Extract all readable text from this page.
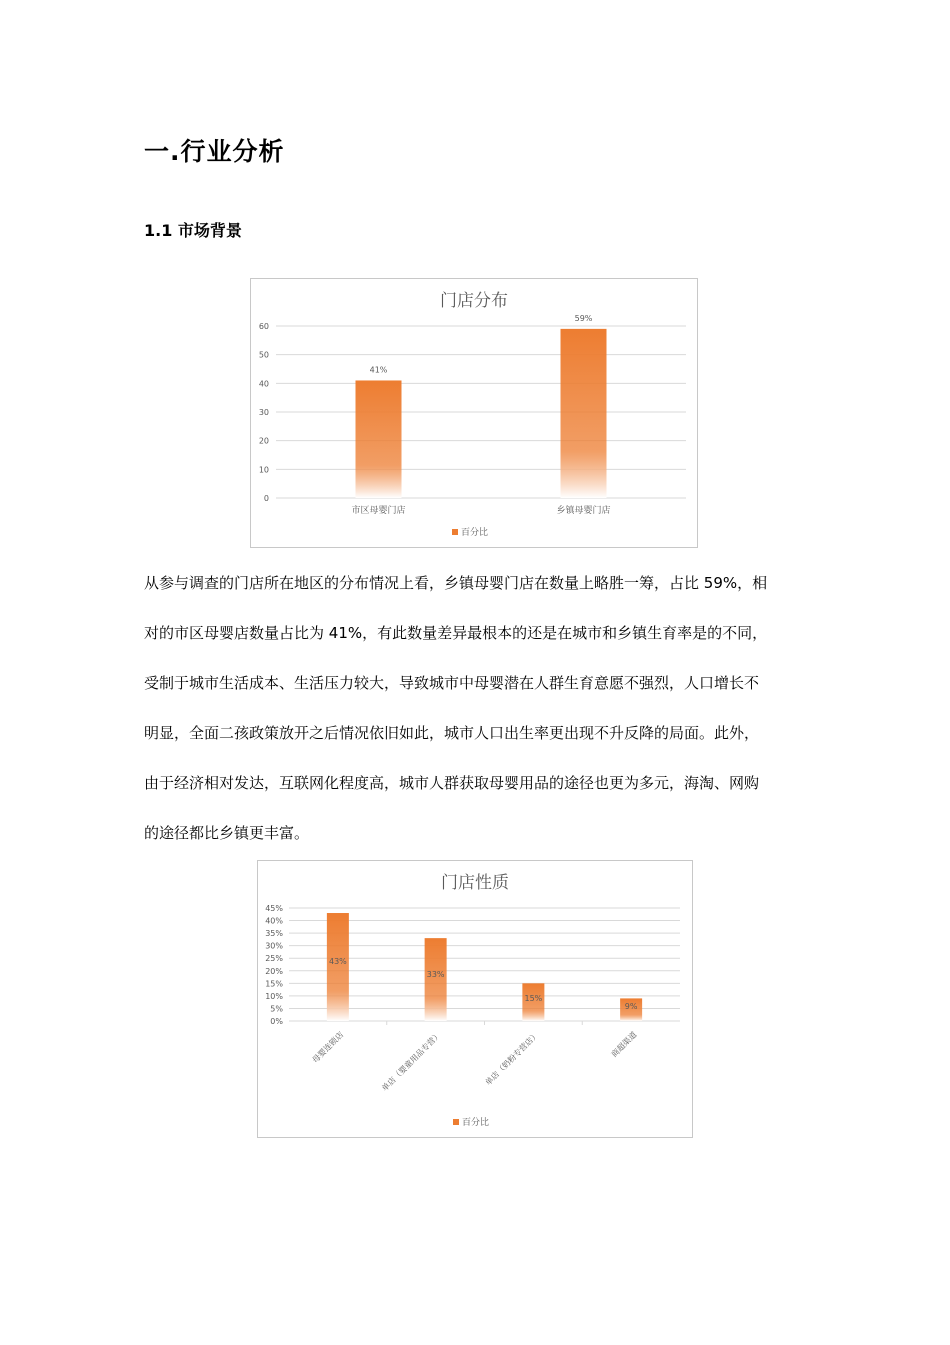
一.行业分析
1.1 市场背景
门店分布
0
10
20
30
40
50
60
41%
市区母婴门店
59%
乡镇母婴门店
百分比

从参与调查的门店所在地区的分布情况上看，乡镇母婴门店在数量上略胜一筹，占比 59%，相

对的市区母婴店数量占比为 41%，有此数量差异最根本的还是在城市和乡镇生育率是的不同，

受制于城市生活成本、生活压力较大，导致城市中母婴潜在人群生育意愿不强烈，人口增长不

明显，全面二孩政策放开之后情况依旧如此，城市人口出生率更出现不升反降的局面。此外，

由于经济相对发达，互联网化程度高，城市人群获取母婴用品的途径也更为多元，海淘、网购

的途径都比乡镇更丰富。

门店性质
0%
5%
10%
15%
20%
25%
30%
35%
40%
45%
43%
母婴连锁店
33%
单店（婴童用品专营）
15%
单店（奶粉专营店）
9%
商超渠道
百分比
